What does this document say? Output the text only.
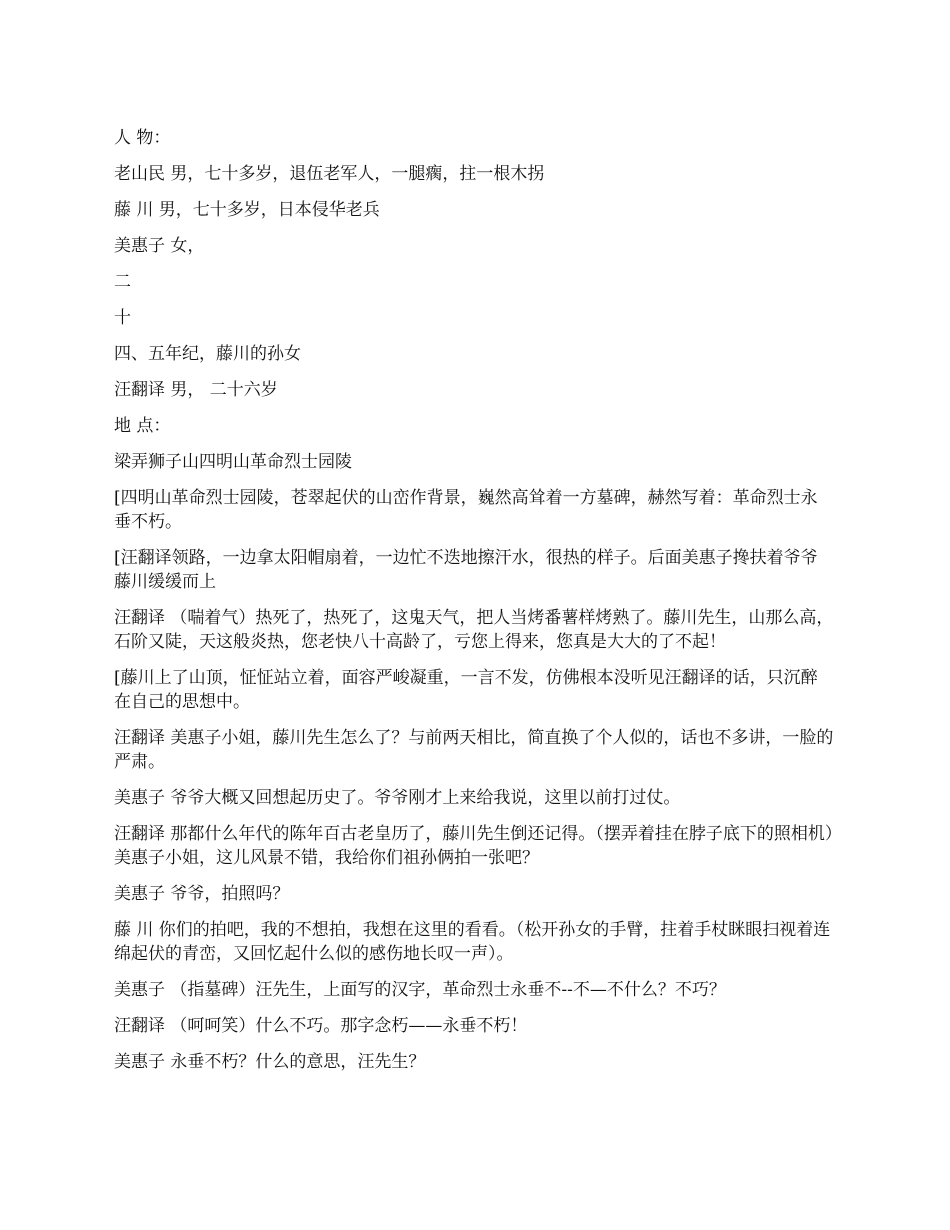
人 物：

老山民 男，七十多岁，退伍老军人，一腿瘸，拄一根木拐

藤 川 男，七十多岁，日本侵华老兵

美惠子 女，

二

十

四、五年纪，藤川的孙女

汪翻译 男， 二十六岁

地 点：

梁弄狮子山四明山革命烈士园陵

[四明山革命烈士园陵，苍翠起伏的山峦作背景，巍然高耸着一方墓碑，赫然写着：革命烈士永垂不朽。

[汪翻译领路，一边拿太阳帽扇着，一边忙不迭地擦汗水，很热的样子。后面美惠子搀扶着爷爷藤川缓缓而上

汪翻译 （喘着气）热死了，热死了，这鬼天气，把人当烤番薯样烤熟了。藤川先生，山那么高，石阶又陡，天这般炎热，您老快八十高龄了，亏您上得来，您真是大大的了不起！

[藤川上了山顶，怔怔站立着，面容严峻凝重，一言不发，仿佛根本没听见汪翻译的话，只沉醉在自己的思想中。

汪翻译 美惠子小姐，藤川先生怎么了？与前两天相比，简直换了个人似的，话也不多讲，一脸的严肃。

美惠子 爷爷大概又回想起历史了。爷爷刚才上来给我说，这里以前打过仗。

汪翻译 那都什么年代的陈年百古老皇历了，藤川先生倒还记得。（摆弄着挂在脖子底下的照相机）美惠子小姐，这儿风景不错，我给你们祖孙俩拍一张吧？

美惠子 爷爷，拍照吗？

藤 川 你们的拍吧，我的不想拍，我想在这里的看看。（松开孙女的手臂，拄着手杖眯眼扫视着连绵起伏的青峦，又回忆起什么似的感伤地长叹一声）。

美惠子 （指墓碑）汪先生，上面写的汉字，革命烈士永垂不--不—不什么？不巧？

汪翻译 （呵呵笑）什么不巧。那字念朽——永垂不朽！

美惠子 永垂不朽？什么的意思，汪先生？
